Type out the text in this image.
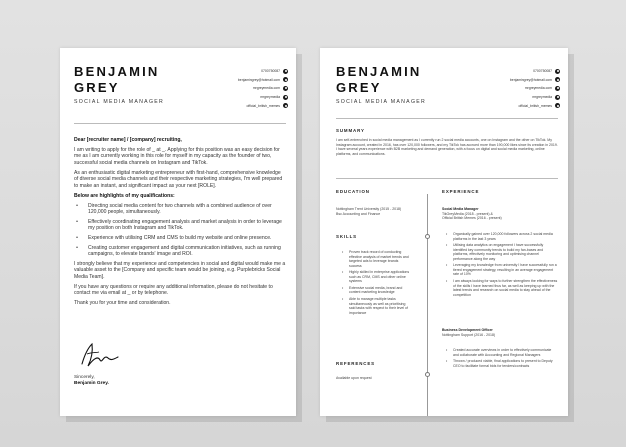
BENJAMIN
GREY
SOCIAL MEDIA MANAGER
0700750087
benjamingrey@hotmail.com
mrgreymedia.com
mrgreymedia
official_british_memes

Dear [recruiter name] / [company] recruiting,

I am writing to apply for the role of _ at _. Applying for this position was an easy decision for me as I am currently working in this role for myself in my capacity as the founder of two, successful social media channels on Instagram and TikTok.

As an enthusiastic digital marketing entrepreneur with first-hand, comprehensive knowledge of diverse social media channels and their respective marketing strategies, I'm well prepared to make an instant, and significant impact as your next [ROLE].

Below are highlights of my qualifications:

•	Directing social media content for two channels with a combined audience of over 120,000 people, simultaneously.
•	Effectively coordinating engagement analysis and market analysis in order to leverage my position on both Instagram and TikTok.
•	Experience with utilising CRM and CMS to build my website and online presence.
•	Creating customer engagement and digital communication initiatives, such as running campaigns, to elevate brands' image and ROI.

I strongly believe that my experience and competencies in social and digital would make me a valuable asset to the [Company and specific team would be joining, e.g. Purplebricks Social Media Team].

If you have any questions or require any additional information, please do not hesitate to contact me via email at _ or by telephone.

Thank you for your time and consideration.

Sincerely,
Benjamin Grey.
BENJAMIN
GREY
SOCIAL MEDIA MANAGER
0700750087
benjamingrey@hotmail.com
mrgreymedia.com
mrgreymedia
official_british_memes
SUMMARY
I am self-entrenched in social media management as I currently run 2 social media accounts, one on Instagram and the other on TikTok. My Instagram account, created in 2016, has over 120,000 followers, and my TikTok has accrued more than 190,000 likes since its creation in 2019. I have several years experience with B2B marketing and demand generation, with a focus on digital and social media marketing, online platforms, and communications.
EDUCATION
Nottingham Trent University (2015 - 2018)
Bsc Accounting and Finance
SKILLS
•	Proven track record of conducting effective analysis of market trends and targeted ads to leverage brands success
•	Highly skilled in enterprise applications such as CRM, CMS and other online systems
•	Extensive social media, brand and content marketing knowledge
•	Able to manage multiple tasks simultaneously as well as prioritising said tasks with respect to their level of importance
REFERENCES
Available upon request
EXPERIENCE
Social Media Manager
TikGreyMedia (2018 - present) &
Official British Memes (2016 - present)
•	Organically gained over 120,000 followers across 2 social media platforms in the last 3 years
•	Utilising data analytics on engagement I have successfully identified key community trends to build my fan-bases and platforms, effectively monitoring and optimising channel performance along the way
•	Leveraging my knowledge from university I have successfully run a tiered engagement strategy, resulting in an average engagement rate of 10%
•	I am always looking for ways to further strengthen the effectiveness of the skills I have learned thus far, as well as keeping up with the latest trends and research on social media to stay ahead of the competition
Business Development Officer
Nottingham Support (2016 - 2018)
•	Created accurate overviews in order to effectively communicate and collaborate with Accounting and Regional Managers
•	Thrown / produced viable, final applications to present to Deputy CEO to facilitate formal bids for tenders/contracts
